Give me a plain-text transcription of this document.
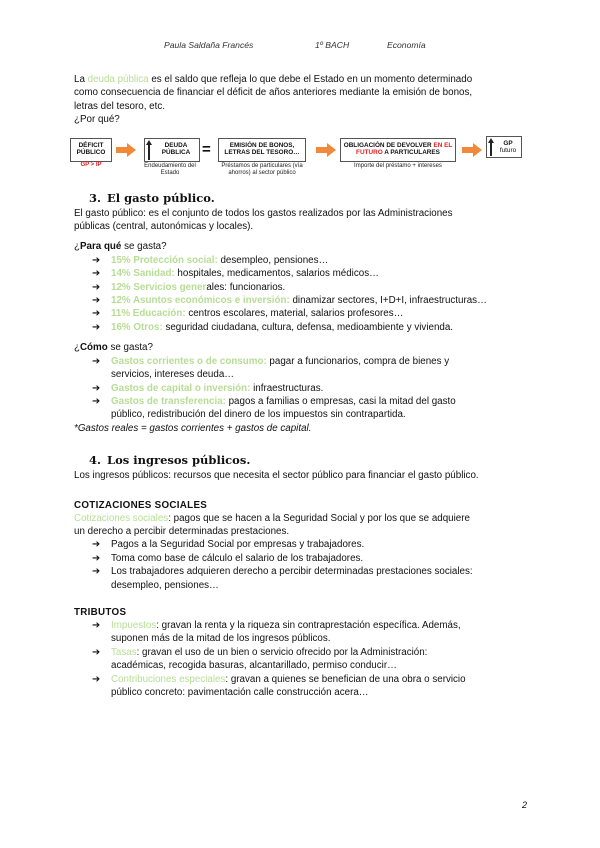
Paula Saldaña Francés	1º BACH	Economía

La deuda pública es el saldo que refleja lo que debe el Estado en un momento determinado

como consecuencia de financiar el déficit de años anteriores mediante la emisión de bonos,

letras del tesoro, etc.

¿Por qué?

DÉFICIT PÚBLICO
GP > IP
DEUDA PÚBLICA
Endeudamiento del Estado
=	EMISIÓN DE BONOS, LETRAS DEL TESORO…
Préstamos de particulares (vía ahorros) al sector público
OBLIGACIÓN DE DEVOLVER EN EL FUTURO A PARTICULARES
Importe del préstamo + intereses
GP
futuro
3. El gasto público.

El gasto público: es el conjunto de todos los gastos realizados por las Administraciones

públicas (central, autonómicas y locales).

¿Para qué se gasta?

➔ 15% Protección social: desempleo, pensiones…
➔ 14% Sanidad: hospitales, medicamentos, salarios médicos…
➔ 12% Servicios generales: funcionarios.
➔ 12% Asuntos económicos e inversión: dinamizar sectores, I+D+I, infraestructuras…
➔ 11% Educación: centros escolares, material, salarios profesores…
➔ 16% Otros: seguridad ciudadana, cultura, defensa, medioambiente y vivienda.

¿Cómo se gasta?

➔ Gastos corrientes o de consumo: pagar a funcionarios, compra de bienes y
servicios, intereses deuda…
➔ Gastos de capital o inversión: infraestructuras.
➔ Gastos de transferencia: pagos a familias o empresas, casi la mitad del gasto
público, redistribución del dinero de los impuestos sin contrapartida.

*Gastos reales = gastos corrientes + gastos de capital.

4. Los ingresos públicos.

Los ingresos públicos: recursos que necesita el sector público para financiar el gasto público.

COTIZACIONES SOCIALES

Cotizaciones sociales: pagos que se hacen a la Seguridad Social y por los que se adquiere

un derecho a percibir determinadas prestaciones.

➔ Pagos a la Seguridad Social por empresas y trabajadores.
➔ Toma como base de cálculo el salario de los trabajadores.
➔ Los trabajadores adquieren derecho a percibir determinadas prestaciones sociales:
desempleo, pensiones…

TRIBUTOS

➔ Impuestos: gravan la renta y la riqueza sin contraprestación específica. Además,
suponen más de la mitad de los ingresos públicos.
➔ Tasas: gravan el uso de un bien o servicio ofrecido por la Administración:
académicas, recogida basuras, alcantarillado, permiso conducir…
➔ Contribuciones especiales: gravan a quienes se benefician de una obra o servicio
público concreto: pavimentación calle construcción acera…
2
